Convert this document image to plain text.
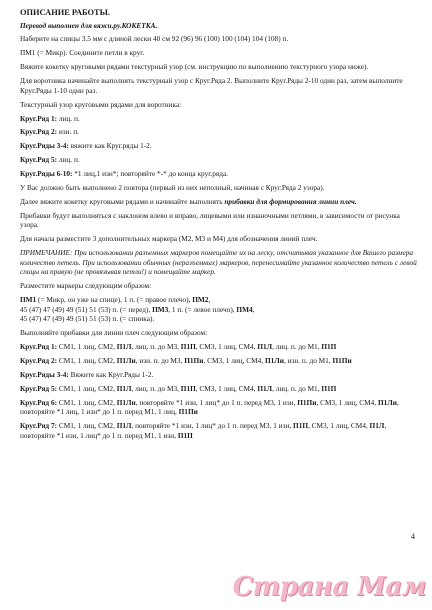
ОПИСАНИЕ РАБОТЫ.
Перевод выполнен для вяжи.ру.КОКЕТКА.
Наберите на спицы 3.5 мм с длиной лески 40 см 92 (96) 96 (100) 100 (104) 104 (108) п.
ПМ1 (= Микр). Соедините петли в круг.
Вяжите кокетку круговыми рядами текстурный узор (см. инструкцию по выполнению текстурного узора ниже).
Для воротника начинайте выполнять текстурный узор с Круг.Ряда 2. Выполните Круг.Ряды 2-10 один раз, затем выполните Круг.Ряды 1-10 один раз.
Текстурный узор круговыми рядами для воротника:
Круг.Ряд 1: лиц. п.
Круг.Ряд 2: изн. п.
Круг.Ряды 3-4: вяжите как Круг.ряды 1-2.
Круг.Ряд 5: лиц. п.
Круг.Ряды 6-10: *1 лиц,1 изн*; повторяйте *-* до конца круг.ряда.
У Вас должно быть выполнено 2 повтора (первый из них неполный, начиная с Круг.Ряда 2 узора).
Далее вяжите кокетку круговыми рядами и начинайте выполнять прибавки для формирования линии плеч.
Прибавки будут выполняться с наклоном влево и вправо, лицевыми или изнаночными петлями, в зависимости от рисунка узора.
Для начала разместите 3 дополнительных маркера (М2, М3 и М4) для обозначения линий плеч.
ПРИМЕЧАНИЕ: При использовании разъемных маркеров помещайте их на леску, отсчитывая указанное для Вашего размера количество петель. При использовании обычных (неразъемных) маркеров, перенесимайте указанное количество петель с левой спицы на правую (не провязывая петли!) и помещайте маркер.
Разместите маркеры следующим образом:
ПМ1 (= Микр, он уже на спице), 1 п. (= правое плечо), ПМ2,
45 (47) 47 (49) 49 (51) 51 (53) п. (= перед), ПМ3, 1 п. (= левое плечо), ПМ4,
45 (47) 47 (49) 49 (51) 51 (53) п. (= спинка).
Выполняйте прибавки для линии плеч следующим образом:
Круг.Ряд 1: СМ1, 1 лиц, СМ2, П1Л, лиц. п. до М3, П1П, СМ3, 1 лиц, СМ4, П1Л, лиц. п. до М1, П1П
Круг.Ряд 2: СМ1, 1 лиц, СМ2, П1Ли, изн. п. до М3, П1Пи, СМ3, 1 лиц, СМ4, П1Ли, изн. п. до М1, П1Пи
Круг.Ряды 3-4: Вяжите как Круг.Ряды 1-2.
Круг.Ряд 5: СМ1, 1 лиц, СМ2, П1Л, лиц. п. до М3, П1П, СМ3, 1 лиц, СМ4, П1Л, лиц. п. до М1, П1П
Круг.Ряд 6: СМ1, 1 лиц, СМ2, П1Ли, повторяйте *1 изн, 1 лиц* до 1 п. перед М3, 1 изн, П1Пи, СМ3, 1 лиц, СМ4, П1Ли, повторяйте *1 лиц, 1 изн* до 1 п. перед М1, 1 лиц, П1Пи
Круг.Ряд 7: СМ1, 1 лиц, СМ2, П1Л, повторяйте *1 изн, 1 лиц* до 1 п. перед М3, 1 изн, П1П, СМ3, 1 лиц, СМ4, П1Л, повторяйте *1 изн, 1 лиц* до 1 п. перед М1, 1 изн, П1П
4
Страна Мам
